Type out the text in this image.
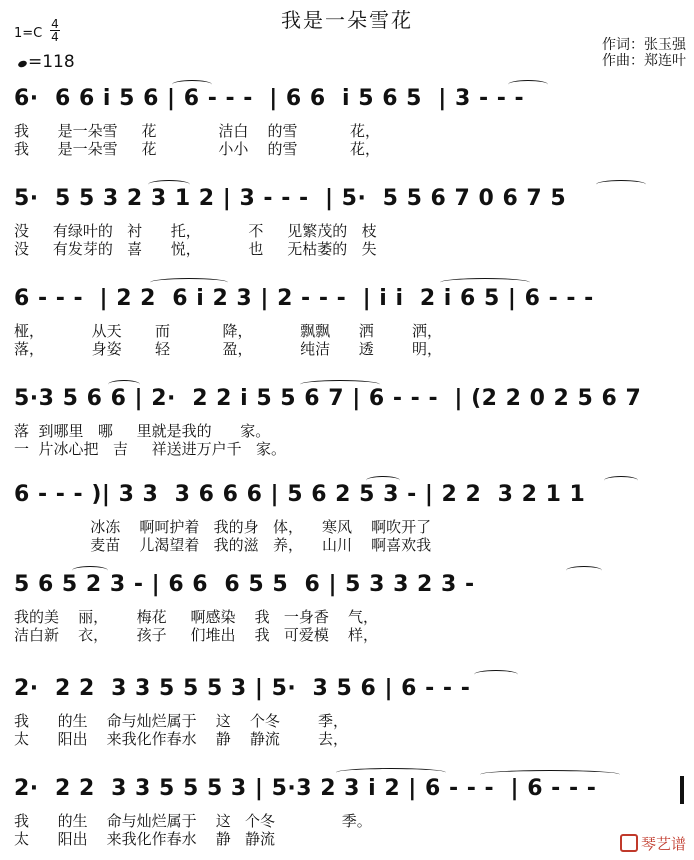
我是一朵雪花
1=C
4
4
=118
作词：张玉强
作曲：郑连叶
6·  6 6 i 5 6 | 6 - - -  | 6 6  i 5 6 5  | 3 - - -
我      是一朵雪     花             洁白    的雪           花，
我      是一朵雪     花             小小    的雪           花，
5·  5 5 3 2 3 1 2 | 3 - - -  | 5·  5 5 6 7 0 6 7 5
没     有绿叶的   衬      托，          不     见繁茂的   枝
没     有发芽的   喜      悦，          也     无枯萎的   失
6 - - -  | 2 2  6 i 2 3 | 2 - - -  | i i  2 i 6 5 | 6 - - -
桠，          从天       而           降，          飘飘      洒        洒，
落，          身姿       轻           盈，          纯洁      透        明，
5·3 5 6 6 | 2·  2 2 i 5 5 6 7 | 6 - - -  | (2 2 0 2 5 6 7
落  到哪里   哪     里就是我的      家。
一  片冰心把   吉     祥送进万户千   家。
6 - - - )| 3 3  3 6 6 6 | 5 6 2 5 3 - | 2 2  3 2 1 1
冰冻    啊呵护着   我的身   体，    寒风    啊吹开了
麦苗    儿渴望着   我的滋   养，    山川    啊喜欢我
5 6 5 2 3 - | 6 6  6 5 5  6 | 5 3 3 2 3 -
我的美    丽，      梅花     啊感染    我   一身香    气，
洁白新    衣，      孩子     们堆出    我   可爱模    样，
2·  2 2  3 3 5 5 5 3 | 5·  3 5 6 | 6 - - -
我      的生    命与灿烂属于    这    个冬        季，
太      阳出    来我化作春水    静    静流        去，
2·  2 2  3 3 5 5 5 3 | 5·3 2 3 i 2 | 6 - - -  | 6 - - -
我      的生    命与灿烂属于    这   个冬              季。
太      阳出    来我化作春水    静   静流	琴艺谱
